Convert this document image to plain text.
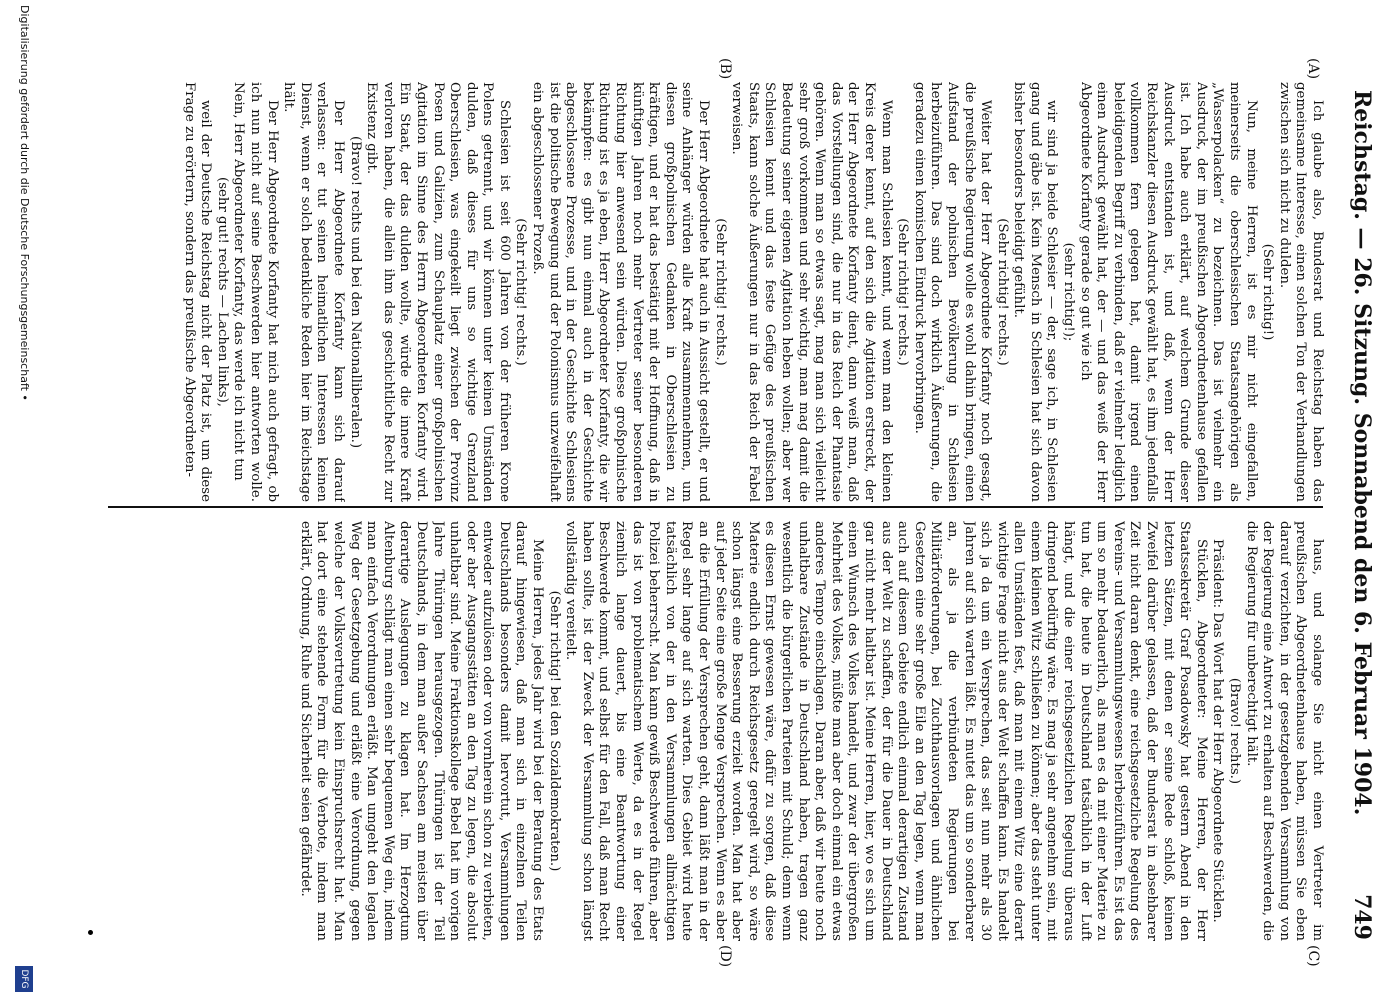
Reichstag. — 26. Sitzung. Sonnabend den 6. Februar 1904.
749
(A)
(B)
(C)
(D)

Ich glaube also, Bundesrat und Reichstag haben das gemeinsame Interesse, einen solchen Ton der Verhandlungen zwischen sich nicht zu dulden.

(Sehr richtig!)

Nun, meine Herren, ist es mir nicht eingefallen, meinerseits die oberschlesischen Staatsangehörigen als „Wasserpolacken“ zu bezeichnen. Das ist vielmehr ein Ausdruck, der im preußischen Abgeordnetenhause gefallen ist. Ich habe auch erklärt, auf welchem Grunde dieser Ausdruck entstanden ist, und daß, wenn der Herr Reichskanzler diesen Ausdruck gewählt hat, es ihm jedenfalls vollkommen fern gelegen hat, damit irgend einen beleidigenden Begriff zu verbinden, daß er vielmehr lediglich einen Ausdruck gewählt hat, der — und das weiß der Herr Abgeordnete Korfanty gerade so gut wie ich

(sehr richtig!);

wir sind ja beide Schlesier — der, sage ich, in Schlesien gang und gäbe ist. Kein Mensch in Schlesien hat sich davon bisher besonders beleidigt gefühlt.

(Sehr richtig! rechts.)

Weiter hat der Herr Abgeordnete Korfanty noch gesagt, die preußische Regierung wolle es wohl dahin bringen, einen Aufstand der polnischen Bevölkerung in Schlesien herbeizuführen. Das sind doch wirklich Äußerungen, die geradezu einen komischen Eindruck hervorbringen.

(Sehr richtig! rechts.)

Wenn man Schlesien kennt, und wenn man den kleinen Kreis derer kennt, auf den sich die Agitation erstreckt, der der Herr Abgeordnete Korfanty dient, dann weiß man, daß das Vorstellungen sind, die nur in das Reich der Phantasie gehören. Wenn man so etwas sagt, mag man sich vielleicht sehr groß vorkommen und sehr wichtig, man mag damit die Bedeutung seiner eigenen Agitation heben wollen; aber wer Schlesien kennt und das feste Gefüge des preußischen Staats, kann solche Äußerungen nur in das Reich der Fabel verweisen.

(Sehr richtig! rechts.)

Der Herr Abgeordnete hat auch in Aussicht gestellt, er und seine Anhänger würden alle Kraft zusammennehmen, um diesen großpolnischen Gedanken in Oberschlesien zu kräftigen, und er hat das bestätigt mit der Hoffnung, daß in künftigen Jahren noch mehr Vertreter seiner besonderen Richtung hier anwesend sein würden. Diese großpolnische Richtung ist es ja eben, Herr Abgeordneter Korfanty, die wir bekämpfen: es gibt nun einmal auch in der Geschichte abgeschlossene Prozesse, und in der Geschichte Schlesiens ist die politische Bewegung und der Polonismus unzweifelhaft ein abgeschlossener Prozeß.

(Sehr richtig! rechts.)

Schlesien ist seit 600 Jahren von der früheren Krone Polens getrennt, und wir können unter keinen Umständen dulden, daß dieses für uns so wichtige Grenzland Oberschlesien, was eingekeilt liegt zwischen der Provinz Posen und Galizien, zum Schauplatz einer großpolnischen Agitation im Sinne des Herrn Abgeordneten Korfanty wird. Ein Staat, der das dulden wollte, würde die innere Kraft verloren haben, die allein ihm das geschichtliche Recht zur Existenz gibt.

(Bravo! rechts und bei den Nationalliberalen.)

Der Herr Abgeordnete Korfanty kann sich darauf verlassen: er tut seinen heimatlichen Interessen keinen Dienst, wenn er solch bedenkliche Reden hier im Reichstage hält.

Der Herr Abgeordnete Korfanty hat mich auch gefragt, ob ich nun nicht auf seine Beschwerden hier antworten wolle. Nein, Herr Abgeordneter Korfanty, das werde ich nicht tun

(sehr gut! rechts — Lachen links),

weil der Deutsche Reichstag nicht der Platz ist, um diese Frage zu erörtern, sondern das preußische Abgeordneten-

haus, und solange Sie nicht einen Vertreter im preußischen Abgeordnetenhause haben, müssen Sie eben darauf verzichten, in der gesetzgebenden Versammlung von der Regierung eine Antwort zu erhalten auf Beschwerden, die die Regierung für unberechtigt hält.

(Bravo! rechts.)

Präsident: Das Wort hat der Herr Abgeordnete Stücklen.

Stücklen, Abgeordneter: Meine Herren, der Herr Staatssekretär Graf Posadowsky hat gestern Abend in den letzten Sätzen, mit denen er seine Rede schloß, keinen Zweifel darüber gelassen, daß der Bundesrat in absehbarer Zeit nicht daran denkt, eine reichsgesetzliche Regelung des Vereins- und Versammlungswesens herbeizuführen. Es ist das um so mehr bedauerlich, als man es da mit einer Materie zu tun hat, die heute in Deutschland tatsächlich in der Luft hängt, und die einer reichsgesetzlichen Regelung überaus dringend bedürftig wäre. Es mag ja sehr angenehm sein, mit einem kleinen Witz schließen zu können; aber das steht unter allen Umständen fest, daß man mit einem Witz eine derart wichtige Frage nicht aus der Welt schaffen kann. Es handelt sich ja da um ein Versprechen, das seit nun mehr als 30 Jahren auf sich warten läßt. Es mutet das um so sonderbarer an, als ja die verbündeten Regierungen bei Militärforderungen, bei Zuchthausvorlagen und ähnlichen Gesetzen eine sehr große Eile an den Tag legen, wenn man auch auf diesem Gebiete endlich einmal derartigen Zustand aus der Welt zu schaffen, der für die Dauer in Deutschland gar nicht mehr haltbar ist. Meine Herren, hier, wo es sich um einen Wunsch des Volkes handelt, und zwar der übergroßen Mehrheit des Volkes, müßte man aber doch einmal ein etwas anderes Tempo einschlagen. Daran aber, daß wir heute noch unhaltbare Zustände in Deutschland haben, tragen ganz wesentlich die bürgerlichen Parteien mit Schuld; denn wenn es diesen Ernst gewesen wäre, dafür zu sorgen, daß diese Materie endlich durch Reichsgesetz geregelt wird, so wäre schon längst eine Besserung erzielt worden. Man hat aber auf jeder Seite eine große Menge Versprechen. Wenn es aber an die Erfüllung der Versprechen geht, dann läßt man in der Regel sehr lange auf sich warten. Dies Gebiet wird heute tatsächlich von der in den Versammlungen allmächtigen Polizei beherrscht. Man kann gewiß Beschwerde führen, aber das ist von problematischem Werte, da es in der Regel ziemlich lange dauert, bis eine Beantwortung einer Beschwerde kommt, und selbst für den Fall, daß man Recht haben sollte, ist der Zweck der Versammlung schon längst vollständig vereitelt.

(Sehr richtig! bei den Sozialdemokraten.)

Meine Herren, jedes Jahr wird bei der Beratung des Etats darauf hingewiesen, daß man sich in einzelnen Teilen Deutschlands besonders damit hervortut, Versammlungen entweder aufzulösen oder von vornherein schon zu verbieten, oder aber Ausgangsstätten an den Tag zu legen, die absolut unhaltbar sind. Meine Fraktionskollege Bebel hat im vorigen Jahre Thüringen herausgezogen. Thüringen ist der Teil Deutschlands, in dem man außer Sachsen am meisten über derartige Auslegungen zu klagen hat. Im Herzogtum Altenburg schlägt man einen sehr bequemen Weg ein, indem man einfach Verordnungen erläßt. Man umgeht den legalen Weg der Gesetzgebung und erläßt eine Verordnung, gegen welche der Volksvertretung kein Einspruchsrecht hat. Man hat dort eine stehende Form für die Verbote, indem man erklärt, Ordnung, Ruhe und Sicherheit seien gefährdet.

Digitalisierung gefördert durch die Deutsche Forschungsgemeinschaft •
DFG
